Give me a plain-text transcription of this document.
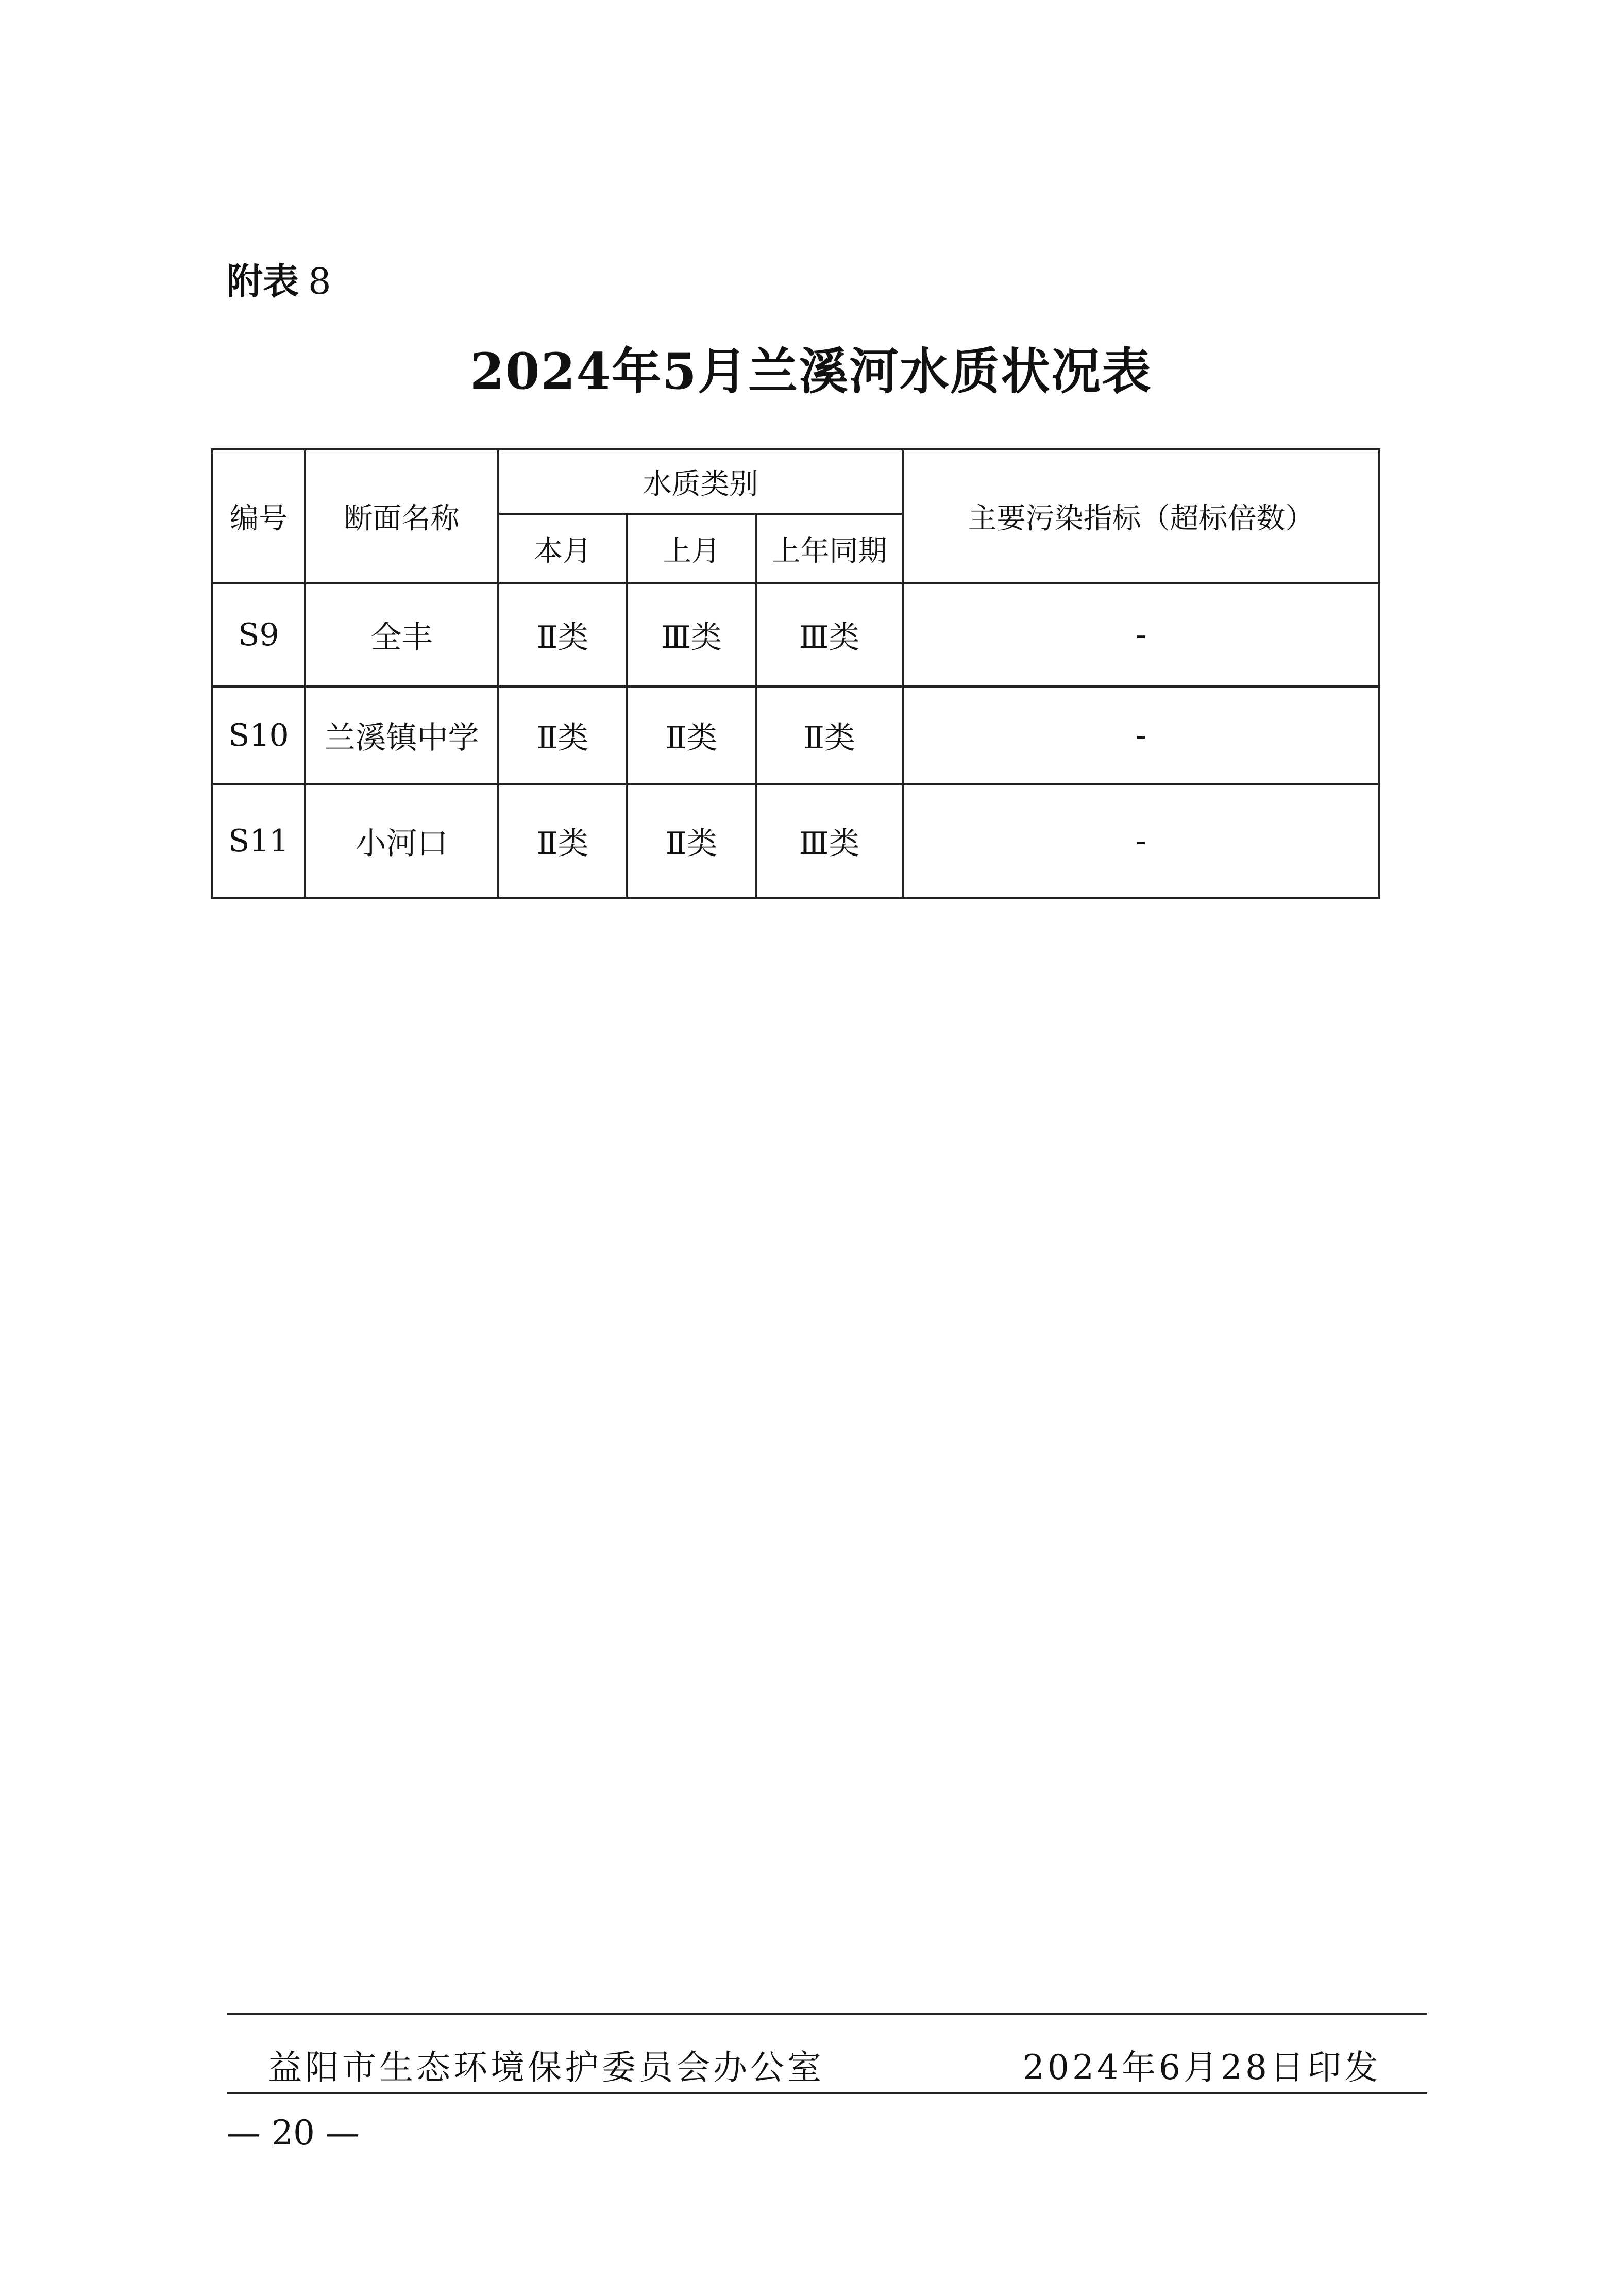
附表 8
2024年5月兰溪河水质状况表
编号	断面名称	水质类别			主要污染指标（超标倍数）
		本月	上月	上年同期	
S9	全丰	Ⅱ类	Ⅲ类	Ⅲ类	-
S10	兰溪镇中学	Ⅱ类	Ⅱ类	Ⅱ类	-
S11	小河口	Ⅱ类	Ⅱ类	Ⅲ类	-
益阳市生态环境保护委员会办公室	2024年6月28日印发
— 20 —
